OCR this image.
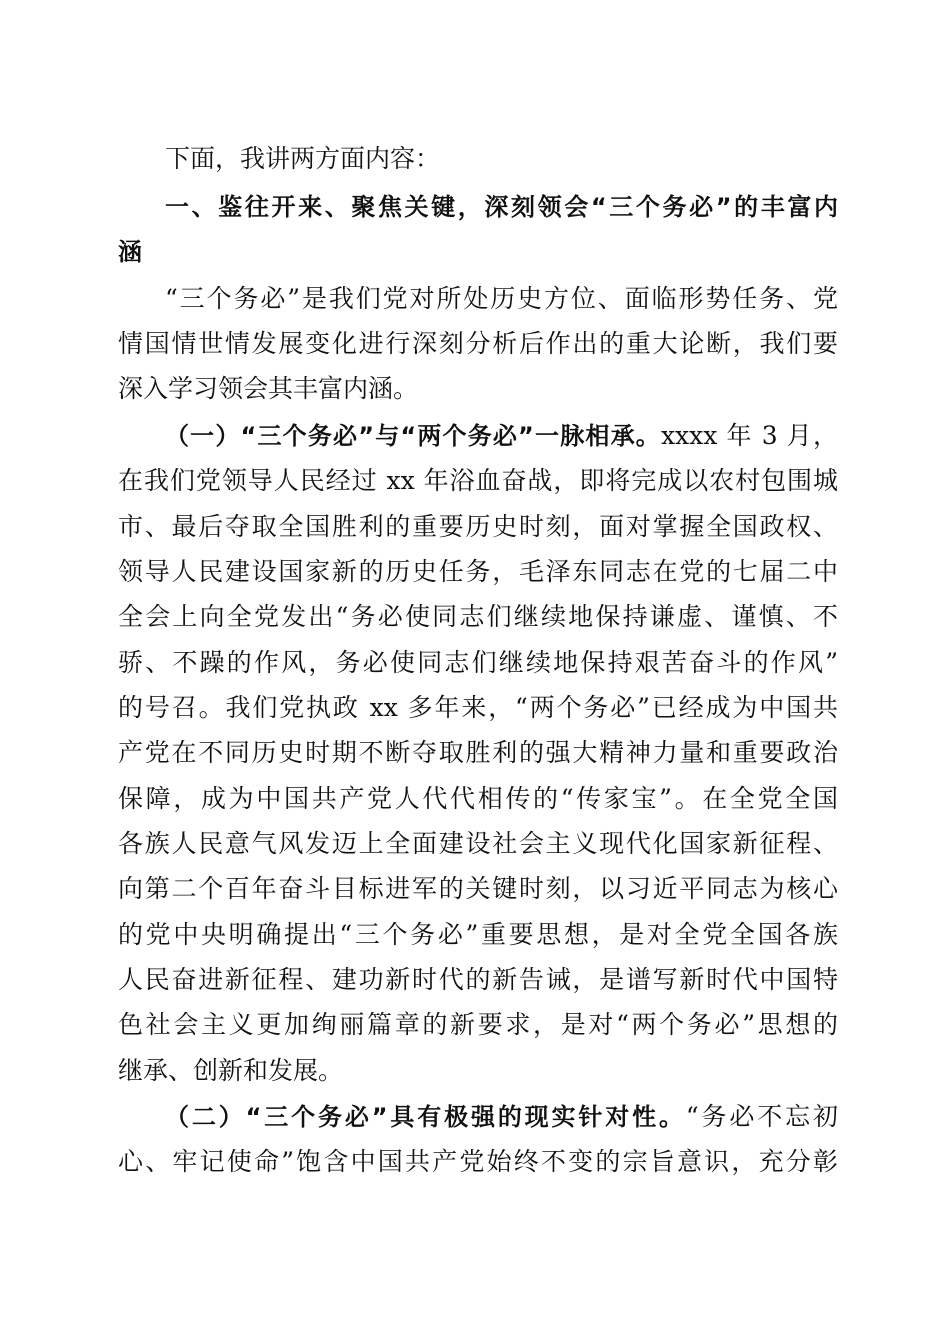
下面，我讲两方面内容：
一、鉴往开来、聚焦关键，深刻领会“三个务必”的丰富内
涵
“三个务必”是我们党对所处历史方位、面临形势任务、党
情国情世情发展变化进行深刻分析后作出的重大论断，我们要
深入学习领会其丰富内涵。
（一）“三个务必”与“两个务必”一脉相承。xxxx 年 3 月，
在我们党领导人民经过 xx 年浴血奋战，即将完成以农村包围城
市、最后夺取全国胜利的重要历史时刻，面对掌握全国政权、
领导人民建设国家新的历史任务，毛泽东同志在党的七届二中
全会上向全党发出“务必使同志们继续地保持谦虚、谨慎、不
骄、不躁的作风，务必使同志们继续地保持艰苦奋斗的作风”
的号召。我们党执政 xx 多年来，“两个务必”已经成为中国共
产党在不同历史时期不断夺取胜利的强大精神力量和重要政治
保障，成为中国共产党人代代相传的“传家宝”。在全党全国
各族人民意气风发迈上全面建设社会主义现代化国家新征程、
向第二个百年奋斗目标进军的关键时刻，以习近平同志为核心
的党中央明确提出“三个务必”重要思想，是对全党全国各族
人民奋进新征程、建功新时代的新告诫，是谱写新时代中国特
色社会主义更加绚丽篇章的新要求，是对“两个务必”思想的
继承、创新和发展。
（二）“三个务必”具有极强的现实针对性。“务必不忘初
心、牢记使命”饱含中国共产党始终不变的宗旨意识，充分彰
